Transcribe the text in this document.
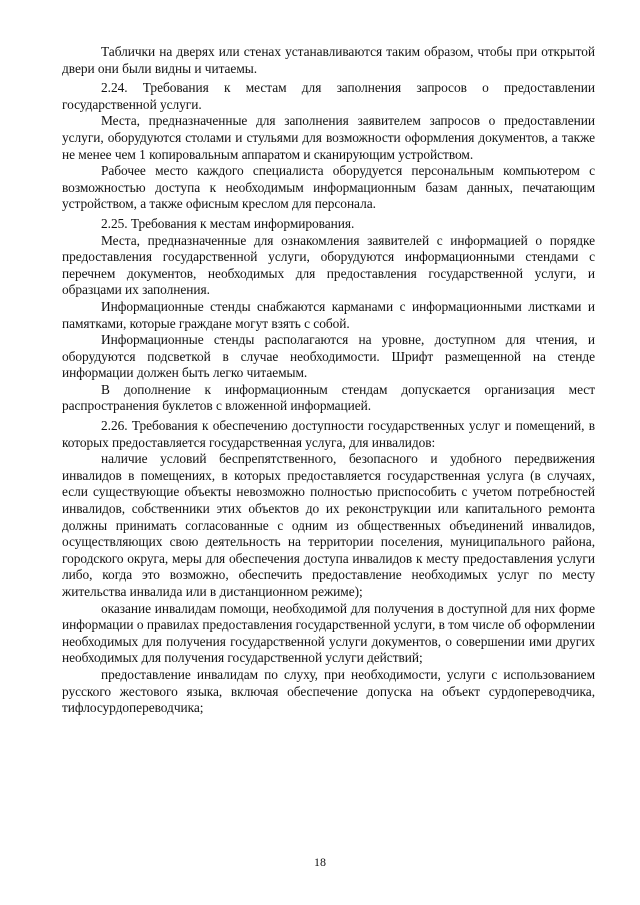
Таблички на дверях или стенах устанавливаются таким образом, чтобы при открытой двери они были видны и читаемы.

2.24. Требования к местам для заполнения запросов о предоставлении государственной услуги.

Места, предназначенные для заполнения заявителем запросов о предоставлении услуги, оборудуются столами и стульями для возможности оформления документов, а также не менее чем 1 копировальным аппаратом и сканирующим устройством.

Рабочее место каждого специалиста оборудуется персональным компьютером с возможностью доступа к необходимым информационным базам данных, печатающим устройством, а также офисным креслом для персонала.

2.25. Требования к местам информирования.

Места, предназначенные для ознакомления заявителей с информацией о порядке предоставления государственной услуги, оборудуются информационными стендами с перечнем документов, необходимых для предоставления государственной услуги, и образцами их заполнения.

Информационные стенды снабжаются карманами с информационными листками и памятками, которые граждане могут взять с собой.

Информационные стенды располагаются на уровне, доступном для чтения, и оборудуются подсветкой в случае необходимости. Шрифт размещенной на стенде информации должен быть легко читаемым.

В дополнение к информационным стендам допускается организация мест распространения буклетов с вложенной информацией.

2.26. Требования к обеспечению доступности государственных услуг и помещений, в которых предоставляется государственная услуга, для инвалидов:

наличие условий беспрепятственного, безопасного и удобного передвижения инвалидов в помещениях, в которых предоставляется государственная услуга (в случаях, если существующие объекты невозможно полностью приспособить с учетом потребностей инвалидов, собственники этих объектов до их реконструкции или капитального ремонта должны принимать согласованные с одним из общественных объединений инвалидов, осуществляющих свою деятельность на территории поселения, муниципального района, городского округа, меры для обеспечения доступа инвалидов к месту предоставления услуги либо, когда это возможно, обеспечить предоставление необходимых услуг по месту жительства инвалида или в дистанционном режиме);

оказание инвалидам помощи, необходимой для получения в доступной для них форме информации о правилах предоставления государственной услуги, в том числе об оформлении необходимых для получения государственной услуги документов, о совершении ими других необходимых для получения государственной услуги действий;

предоставление инвалидам по слуху, при необходимости, услуги с использованием русского жестового языка, включая обеспечение допуска на объект сурдопереводчика, тифлосурдопереводчика;

18
